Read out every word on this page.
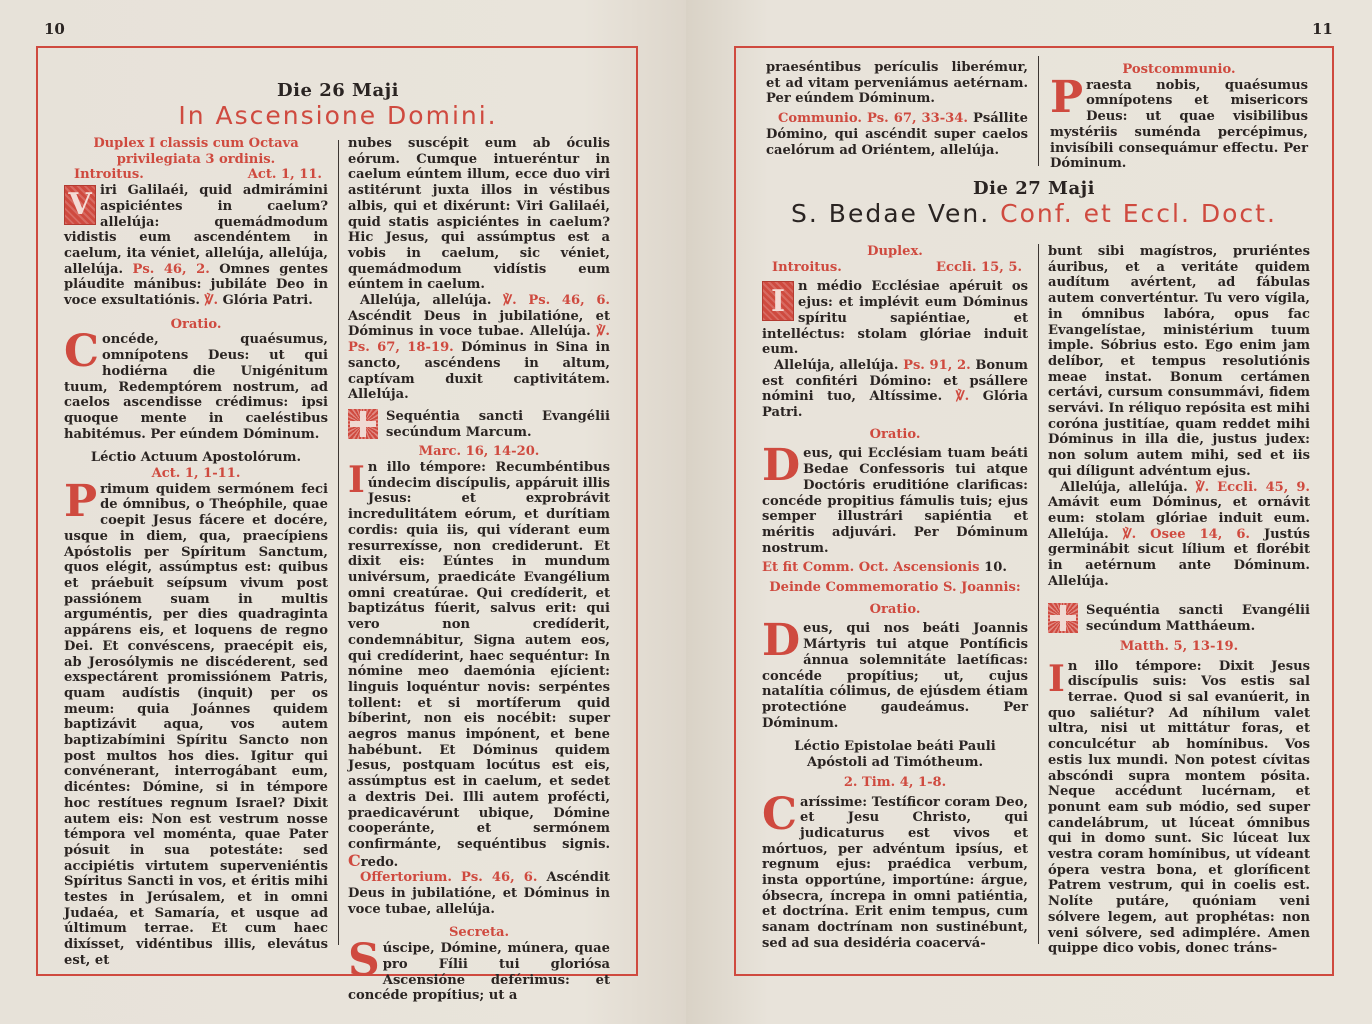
10
Die 26 Maji
In Ascensione Domini.

Duplex I classis cum Octava privilegiata 3 ordinis.

Introitus.	Act. 1, 11.

V iri Galilaéi, quid admirámini aspiciéntes in caelum? allelúja: quemádmodum vidistis eum ascendéntem in caelum, ita véniet, allelúja, allelúja, allelúja. Ps. 46, 2. Omnes gentes pláudite mánibus: jubiláte Deo in voce exsultatiónis. ℣. Glória Patri.

Oratio.

C oncéde, quaésumus, omnípotens Deus: ut qui hodiérna die Unigénitum tuum, Redemptórem nostrum, ad caelos ascendisse crédimus: ipsi quoque mente in caeléstibus habitémus. Per eúndem Dóminum.

Léctio Actuum Apostolórum.

Act. 1, 1-11.

P rimum quidem sermónem feci de ómnibus, o Theóphile, quae coepit Jesus fácere et docére, usque in diem, qua, praecípiens Apóstolis per Spíritum Sanctum, quos elégit, assúmptus est: quibus et práebuit seípsum vivum post passiónem suam in multis arguméntis, per dies quadraginta appárens eis, et loquens de regno Dei. Et convéscens, praecépit eis, ab Jerosólymis ne discéderent, sed exspectárent promissiónem Patris, quam audístis (inquit) per os meum: quia Joánnes quidem baptizávit aqua, vos autem baptizabímini Spíritu Sancto non post multos hos dies. Igitur qui convénerant, interrogábant eum, dicéntes: Dómine, si in témpore hoc restítues regnum Israel? Dixit autem eis: Non est vestrum nosse témpora vel moménta, quae Pater pósuit in sua potestáte: sed accipiétis virtutem superveniéntis Spíritus Sancti in vos, et éritis mihi testes in Jerúsalem, et in omni Judaéa, et Samaría, et usque ad últimum terrae. Et cum haec dixísset, vidéntibus illis, elevátus est, et

nubes suscépit eum ab óculis eórum. Cumque intueréntur in caelum eúntem illum, ecce duo viri astitérunt juxta illos in véstibus albis, qui et dixérunt: Viri Galilaéi, quid statis aspiciéntes in caelum? Hic Jesus, qui assúmptus est a vobis in caelum, sic véniet, quemádmodum vidístis eum eúntem in caelum.

Allelúja, allelúja. ℣. Ps. 46, 6. Ascéndit Deus in jubilatióne, et Dóminus in voce tubae. Allelúja. ℣. Ps. 67, 18-19. Dóminus in Sina in sancto, ascéndens in altum, captívam duxit captivitátem. Allelúja.

Sequéntia sancti Evangélii secúndum Marcum.

Marc. 16, 14-20.

I n illo témpore: Recumbéntibus úndecim discípulis, appáruit illis Jesus: et exprobrávit incredulitátem eórum, et durítiam cordis: quia iis, qui víderant eum resurrexísse, non crediderunt. Et dixit eis: Eúntes in mundum univérsum, praedicáte Evangélium omni creatúrae. Qui credíderit, et baptizátus fúerit, salvus erit: qui vero non credíderit, condemnábitur, Signa autem eos, qui credíderint, haec sequéntur: In nómine meo daemónia ejícient: linguis loquéntur novis: serpéntes tollent: et si mortíferum quid bíberint, non eis nocébit: super aegros manus impónent, et bene habébunt. Et Dóminus quidem Jesus, postquam locútus est eis, assúmptus est in caelum, et sedet a dextris Dei. Illi autem profécti, praedicavérunt ubique, Dómine cooperánte, et sermónem confirmánte, sequéntibus signis. Credo.

Offertorium. Ps. 46, 6. Ascéndit Deus in jubilatióne, et Dóminus in voce tubae, allelúja.

Secreta.

S úscipe, Dómine, múnera, quae pro Fílii tui gloriósa Ascensióne deférimus: et concéde propítius; ut a

11

praeséntibus perículis liberémur, et ad vitam perveniámus aetérnam. Per eúndem Dóminum.

Communio. Ps. 67, 33-34. Psállite Dómino, qui ascéndit super caelos caelórum ad Oriéntem, allelúja.

Postcommunio.

P raesta nobis, quaésumus omnípotens et misericors Deus: ut quae visibilibus mystériis suménda percépimus, invisíbili consequámur effectu. Per Dóminum.

Die 27 Maji
S. Bedae Ven. Conf. et Eccl. Doct.

Duplex.

Introitus.	Eccli. 15, 5.

I n médio Ecclésiae apéruit os ejus: et implévit eum Dóminus spíritu sapiéntiae, et intelléctus: stolam glóriae induit eum.

Allelúja, allelúja. Ps. 91, 2. Bonum est confitéri Dómino: et psállere nómini tuo, Altíssime. ℣. Glória Patri.

Oratio.

D eus, qui Ecclésiam tuam beáti Bedae Confessoris tui atque Doctóris eruditióne clarificas: concéde propitius fámulis tuis; ejus semper illustrári sapiéntia et méritis adjuvári. Per Dóminum nostrum.

Et fit Comm. Oct. Ascensionis 10.

Deinde Commemoratio S. Joannis:

Oratio.

D eus, qui nos beáti Joannis Mártyris tui atque Pontíficis ánnua solemnitáte laetíficas: concéde propítius; ut, cujus natalítia cólimus, de ejúsdem étiam protectióne gaudeámus. Per Dóminum.

Léctio Epistolae beáti Pauli Apóstoli ad Timótheum.

2. Tim. 4, 1-8.

C aríssime: Testíficor coram Deo, et Jesu Christo, qui judicaturus est vivos et mórtuos, per advéntum ipsíus, et regnum ejus: praédica verbum, insta opportúne, importúne: árgue, óbsecra, íncrepa in omni patiéntia, et doctrína. Erit enim tempus, cum sanam doctrínam non sustinébunt, sed ad sua desidéria coacervá-

bunt sibi magístros, pruriéntes áuribus, et a veritáte quidem audítum avértent, ad fábulas autem converténtur. Tu vero vígila, in ómnibus labóra, opus fac Evangelístae, ministérium tuum imple. Sóbrius esto. Ego enim jam delíbor, et tempus resolutiónis meae instat. Bonum certámen certávi, cursum consummávi, fidem servávi. In réliquo repósita est mihi coróna justitíae, quam reddet mihi Dóminus in illa die, justus judex: non solum autem mihi, sed et iis qui díligunt advéntum ejus.

Allelúja, allelúja. ℣. Eccli. 45, 9. Amávit eum Dóminus, et ornávit eum: stolam glóriae induit eum. Allelúja. ℣. Osee 14, 6. Justús germinábit sicut lílium et florébit in aetérnum ante Dóminum. Allelúja.

Sequéntia sancti Evangélii secúndum Mattháeum.

Matth. 5, 13-19.

I n illo témpore: Dixit Jesus discípulis suis: Vos estis sal terrae. Quod si sal evanúerit, in quo saliétur? Ad níhilum valet ultra, nisi ut mittátur foras, et conculcétur ab homínibus. Vos estis lux mundi. Non potest cívitas abscóndi supra montem pósita. Neque accédunt lucérnam, et ponunt eam sub módio, sed super candelábrum, ut lúceat ómnibus qui in domo sunt. Sic lúceat lux vestra coram homínibus, ut vídeant ópera vestra bona, et gloríficent Patrem vestrum, qui in coelis est. Nolíte putáre, quóniam veni sólvere legem, aut prophétas: non veni sólvere, sed adimplére. Amen quippe dico vobis, donec tráns-
